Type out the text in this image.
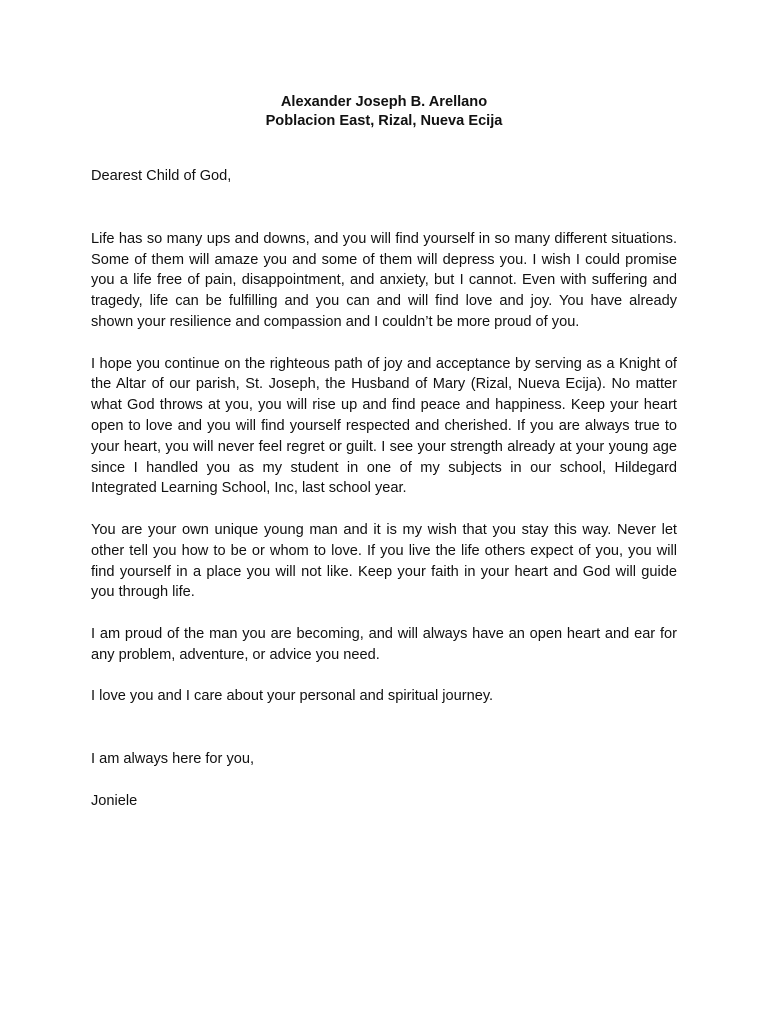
Alexander Joseph B. Arellano
Poblacion East, Rizal, Nueva Ecija

Dearest Child of God,

Life has so many ups and downs, and you will find yourself in so many different situations. Some of them will amaze you and some of them will depress you. I wish I could promise you a life free of pain, disappointment, and anxiety, but I cannot. Even with suffering and tragedy, life can be fulfilling and you can and will find love and joy. You have already shown your resilience and compassion and I couldn’t be more proud of you.

I hope you continue on the righteous path of joy and acceptance by serving as a Knight of the Altar of our parish, St. Joseph, the Husband of Mary (Rizal, Nueva Ecija). No matter what God throws at you, you will rise up and find peace and happiness. Keep your heart open to love and you will find yourself respected and cherished. If you are always true to your heart, you will never feel regret or guilt. I see your strength already at your young age since I handled you as my student in one of my subjects in our school, Hildegard Integrated Learning School, Inc, last school year.

You are your own unique young man and it is my wish that you stay this way. Never let other tell you how to be or whom to love. If you live the life others expect of you, you will find yourself in a place you will not like. Keep your faith in your heart and God will guide you through life.

I am proud of the man you are becoming, and will always have an open heart and ear for any problem, adventure, or advice you need.

I love you and I care about your personal and spiritual journey.

I am always here for you,

Joniele
